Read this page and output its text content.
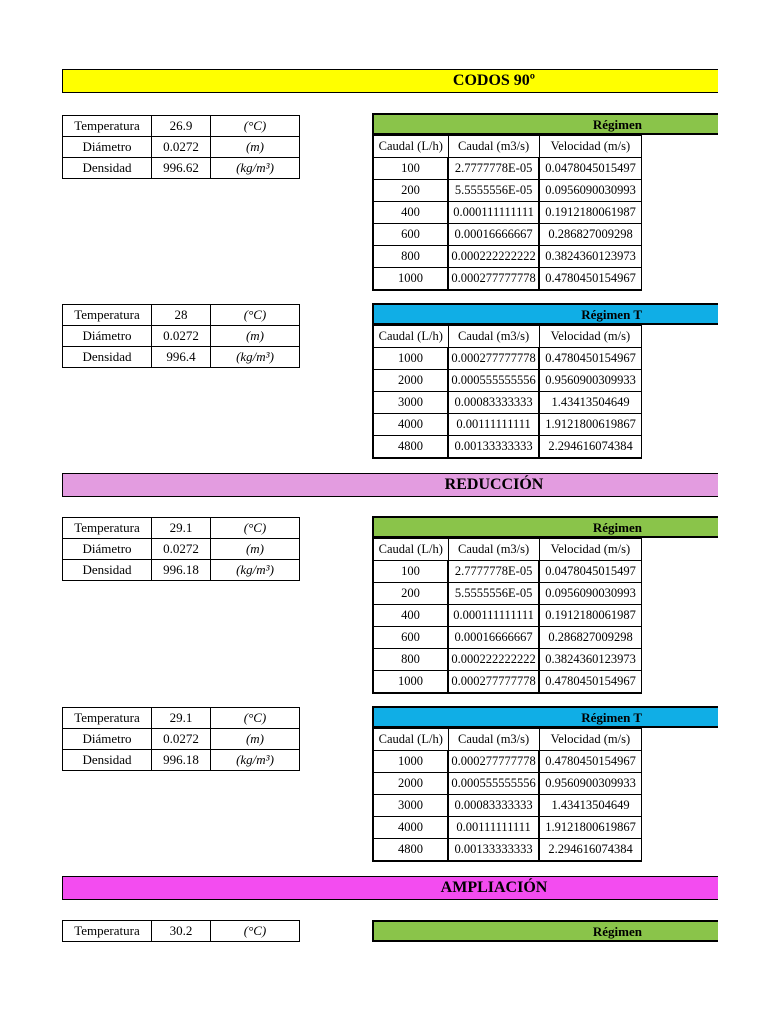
CODOS 90º
REDUCCIÓN
AMPLIACIÓN
Temperatura	26.9	(°C)
Diámetro	0.0272	(m)
Densidad	996.62	(kg/m³)
Temperatura	28	(°C)
Diámetro	0.0272	(m)
Densidad	996.4	(kg/m³)
Temperatura	29.1	(°C)
Diámetro	0.0272	(m)
Densidad	996.18	(kg/m³)
Temperatura	29.1	(°C)
Diámetro	0.0272	(m)
Densidad	996.18	(kg/m³)
Temperatura	30.2	(°C)
Régimen
Caudal (L/h)	Caudal (m3/s)	Velocidad (m/s)
100	2.7777778E-05	0.0478045015497
200	5.5555556E-05	0.0956090030993
400	0.000111111111	0.1912180061987
600	0.00016666667	0.286827009298
800	0.000222222222	0.3824360123973
1000	0.000277777778	0.4780450154967
Régimen T
Caudal (L/h)	Caudal (m3/s)	Velocidad (m/s)
1000	0.000277777778	0.4780450154967
2000	0.000555555556	0.9560900309933
3000	0.00083333333	1.43413504649
4000	0.00111111111	1.9121800619867
4800	0.00133333333	2.294616074384
Régimen
Caudal (L/h)	Caudal (m3/s)	Velocidad (m/s)
100	2.7777778E-05	0.0478045015497
200	5.5555556E-05	0.0956090030993
400	0.000111111111	0.1912180061987
600	0.00016666667	0.286827009298
800	0.000222222222	0.3824360123973
1000	0.000277777778	0.4780450154967
Régimen T
Caudal (L/h)	Caudal (m3/s)	Velocidad (m/s)
1000	0.000277777778	0.4780450154967
2000	0.000555555556	0.9560900309933
3000	0.00083333333	1.43413504649
4000	0.00111111111	1.9121800619867
4800	0.00133333333	2.294616074384
Régimen
